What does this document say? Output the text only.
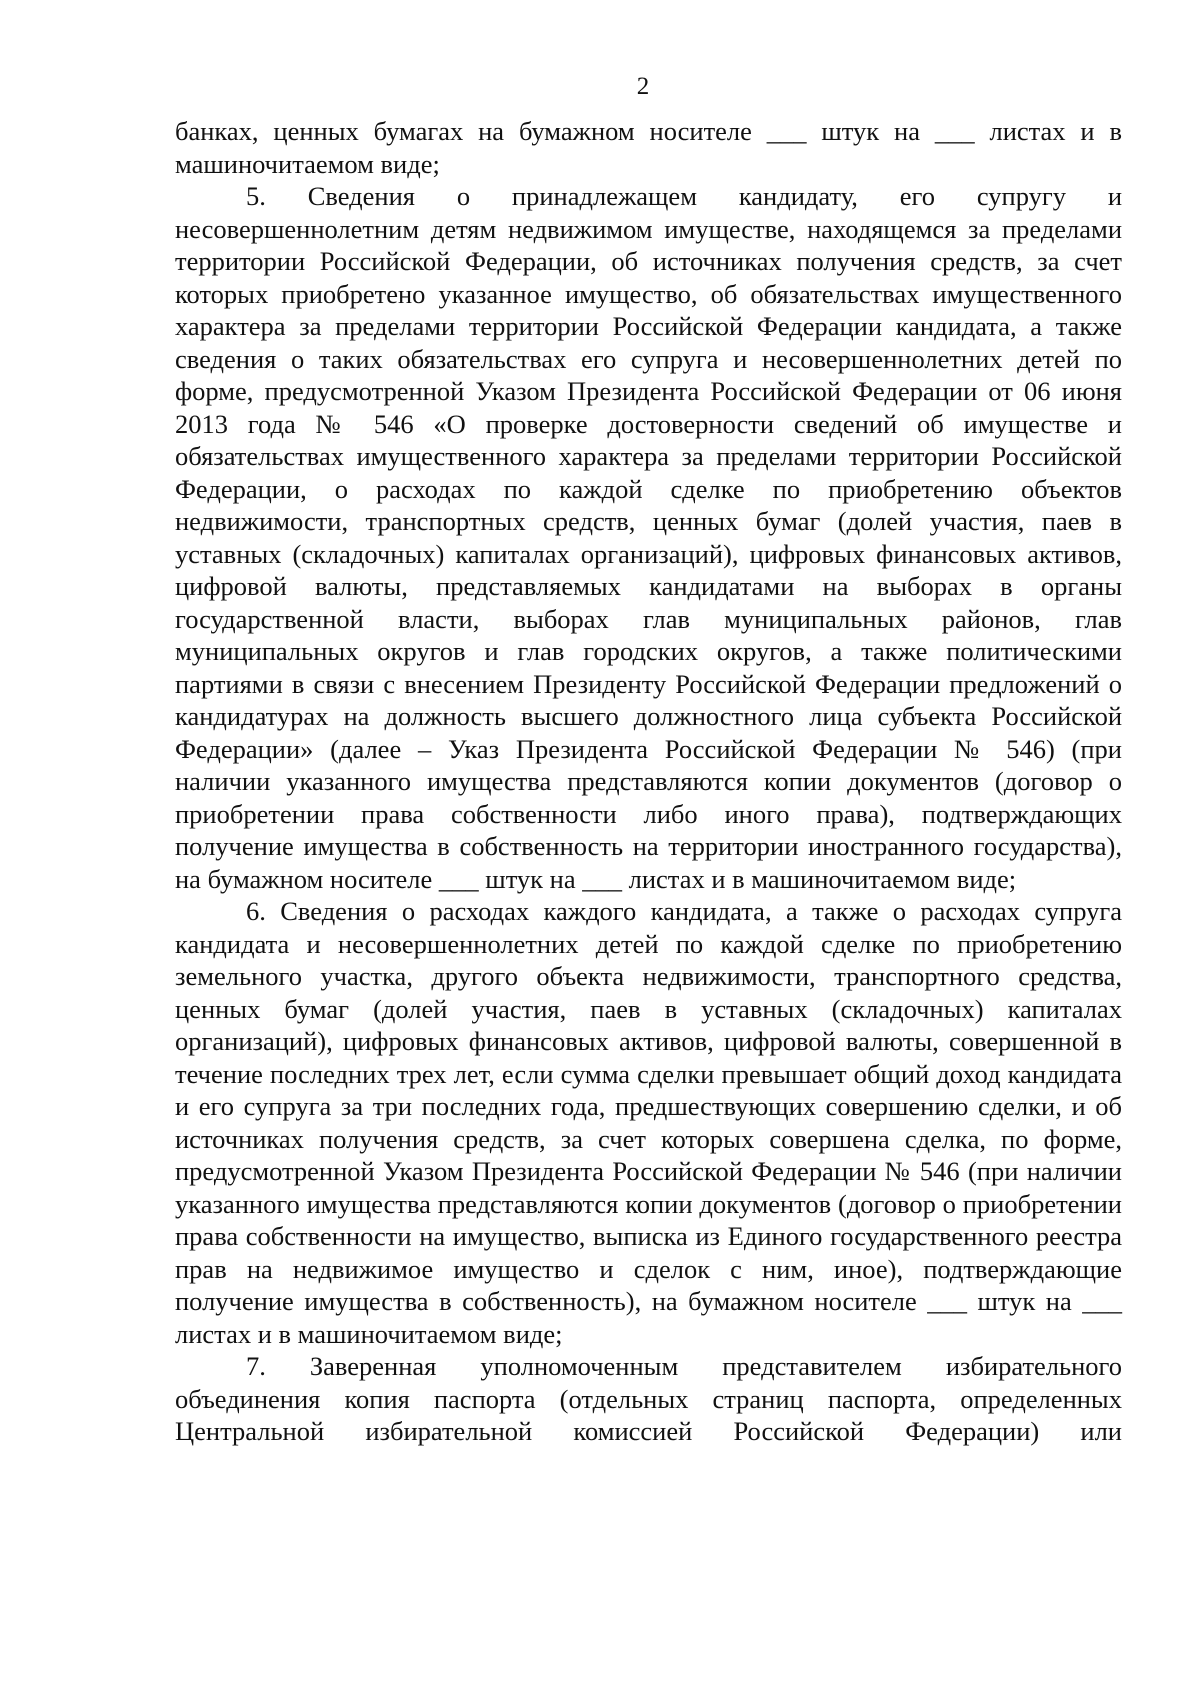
2

банках, ценных бумагах на бумажном носителе ___ штук на ___ листах и в машиночитаемом виде;

5. Сведения о принадлежащем кандидату, его супругу и несовершеннолетним детям недвижимом имуществе, находящемся за пределами территории Российской Федерации, об источниках получения средств, за счет которых приобретено указанное имущество, об обязательствах имущественного характера за пределами территории Российской Федерации кандидата, а также сведения о таких обязательствах его супруга и несовершеннолетних детей по форме, предусмотренной Указом Президента Российской Федерации от 06 июня 2013 года № 546 «О проверке достоверности сведений об имуществе и обязательствах имущественного характера за пределами территории Российской Федерации, о расходах по каждой сделке по приобретению объектов недвижимости, транспортных средств, ценных бумаг (долей участия, паев в уставных (складочных) капиталах организаций), цифровых финансовых активов, цифровой валюты, представляемых кандидатами на выборах в органы государственной власти, выборах глав муниципальных районов, глав муниципальных округов и глав городских округов, а также политическими партиями в связи с внесением Президенту Российской Федерации предложений о кандидатурах на должность высшего должностного лица субъекта Российской Федерации» (далее – Указ Президента Российской Федерации № 546) (при наличии указанного имущества представляются копии документов (договор о приобретении права собственности либо иного права), подтверждающих получение имущества в собственность на территории иностранного государства), на бумажном носителе ___ штук на ___ листах и в машиночитаемом виде;

6. Сведения о расходах каждого кандидата, а также о расходах супруга кандидата и несовершеннолетних детей по каждой сделке по приобретению земельного участка, другого объекта недвижимости, транспортного средства, ценных бумаг (долей участия, паев в уставных (складочных) капиталах организаций), цифровых финансовых активов, цифровой валюты, совершенной в течение последних трех лет, если сумма сделки превышает общий доход кандидата и его супруга за три последних года, предшествующих совершению сделки, и об источниках получения средств, за счет которых совершена сделка, по форме, предусмотренной Указом Президента Российской Федерации № 546 (при наличии указанного имущества представляются копии документов (договор о приобретении права собственности на имущество, выписка из Единого государственного реестра прав на недвижимое имущество и сделок с ним, иное), подтверждающие получение имущества в собственность), на бумажном носителе ___ штук на ___ листах и в машиночитаемом виде;

7. Заверенная уполномоченным представителем избирательного объединения копия паспорта (отдельных страниц паспорта, определенных Центральной избирательной комиссией Российской Федерации) или
